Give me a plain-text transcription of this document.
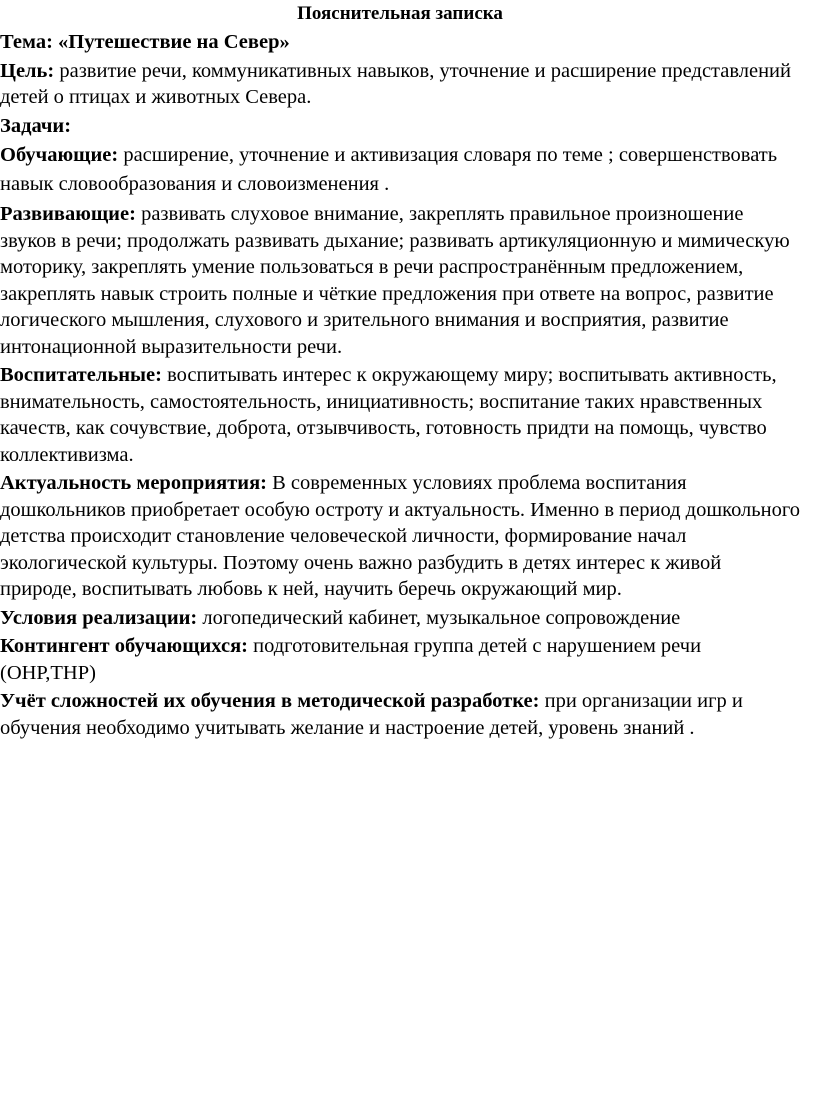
Пояснительная записка

Тема: «Путешествие на Север»

Цель: развитие речи, коммуникативных навыков, уточнение и расширение представлений детей о птицах и животных Севера.

Задачи:

Обучающие: расширение, уточнение и активизация словаря по теме ; совершенствовать навык словообразования и словоизменения .

Развивающие: развивать слуховое внимание, закреплять правильное произношение звуков в речи; продолжать развивать дыхание; развивать артикуляционную и мимическую моторику, закреплять умение пользоваться в речи распространённым предложением, закреплять навык строить полные и чёткие предложения при ответе на вопрос, развитие логического мышления, слухового и зрительного внимания и восприятия, развитие интонационной выразительности речи.

Воспитательные: воспитывать интерес к окружающему миру; воспитывать активность, внимательность, самостоятельность, инициативность; воспитание таких нравственных качеств, как сочувствие, доброта, отзывчивость, готовность придти на помощь, чувство коллективизма.

Актуальность мероприятия: В современных условиях проблема воспитания дошкольников приобретает особую остроту и актуальность. Именно в период дошкольного детства происходит становление человеческой личности, формирование начал экологической культуры. Поэтому очень важно разбудить в детях интерес к живой природе, воспитывать любовь к ней, научить беречь окружающий мир.

Условия реализации: логопедический кабинет, музыкальное сопровождение

Контингент обучающихся: подготовительная группа детей с нарушением речи (ОНР,ТНР)

Учёт сложностей их обучения в методической разработке: при организации игр и обучения необходимо учитывать желание и настроение детей, уровень знаний .
